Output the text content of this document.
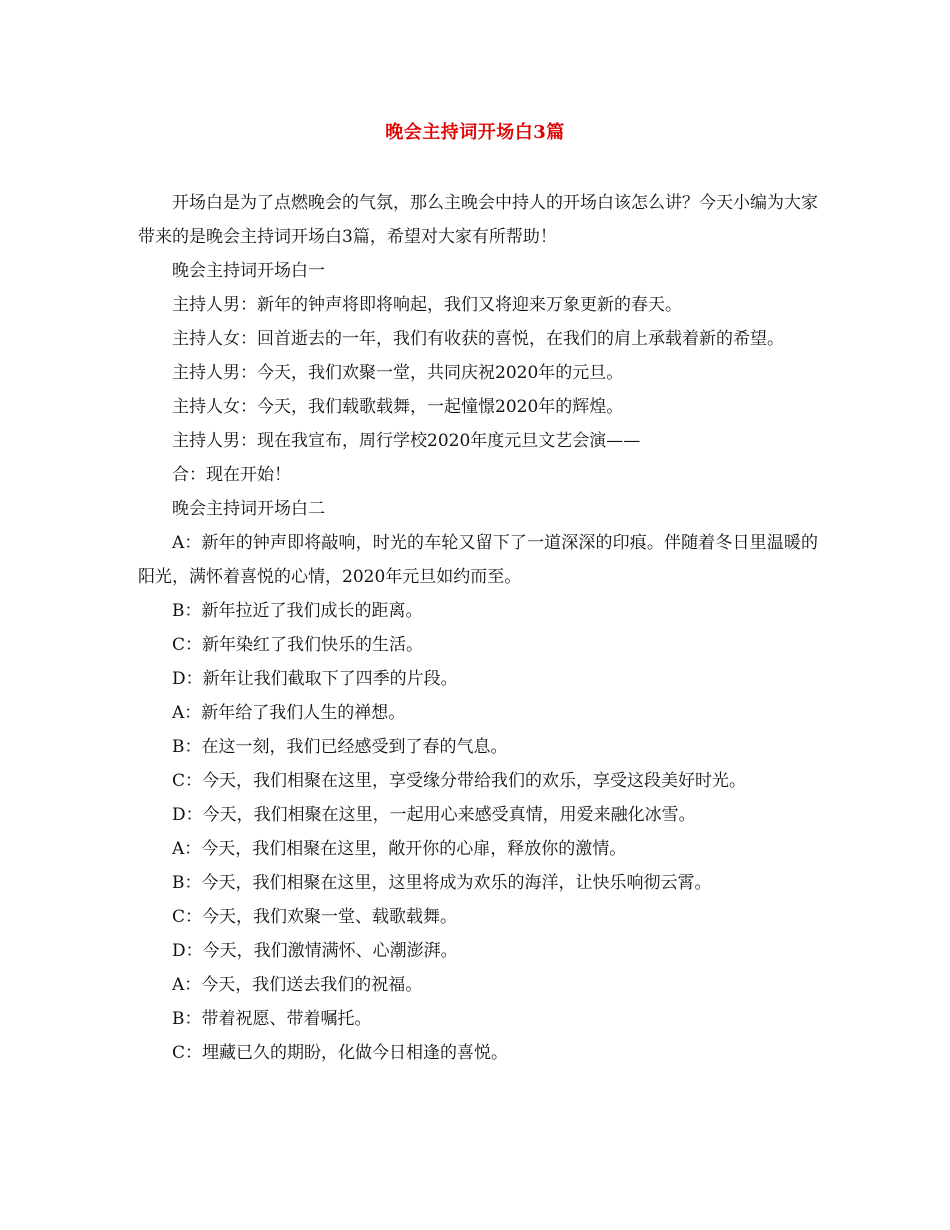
晚会主持词开场白3篇

开场白是为了点燃晚会的气氛，那么主晚会中持人的开场白该怎么讲？今天小编为大家带来的是晚会主持词开场白3篇，希望对大家有所帮助！

晚会主持词开场白一

主持人男：新年的钟声将即将响起，我们又将迎来万象更新的春天。

主持人女：回首逝去的一年，我们有收获的喜悦，在我们的肩上承载着新的希望。

主持人男：今天，我们欢聚一堂，共同庆祝2020年的元旦。

主持人女：今天，我们载歌载舞，一起憧憬2020年的辉煌。

主持人男：现在我宣布，周行学校2020年度元旦文艺会演——

合：现在开始！

晚会主持词开场白二

A：新年的钟声即将敲响，时光的车轮又留下了一道深深的印痕。伴随着冬日里温暖的阳光，满怀着喜悦的心情，2020年元旦如约而至。

B：新年拉近了我们成长的距离。

C：新年染红了我们快乐的生活。

D：新年让我们截取下了四季的片段。

A：新年给了我们人生的禅想。

B：在这一刻，我们已经感受到了春的气息。

C：今天，我们相聚在这里，享受缘分带给我们的欢乐，享受这段美好时光。

D：今天，我们相聚在这里，一起用心来感受真情，用爱来融化冰雪。

A：今天，我们相聚在这里，敞开你的心扉，释放你的激情。

B：今天，我们相聚在这里，这里将成为欢乐的海洋，让快乐响彻云霄。

C：今天，我们欢聚一堂、载歌载舞。

D：今天，我们激情满怀、心潮澎湃。

A：今天，我们送去我们的祝福。

B：带着祝愿、带着嘱托。

C：埋藏已久的期盼，化做今日相逢的喜悦。
